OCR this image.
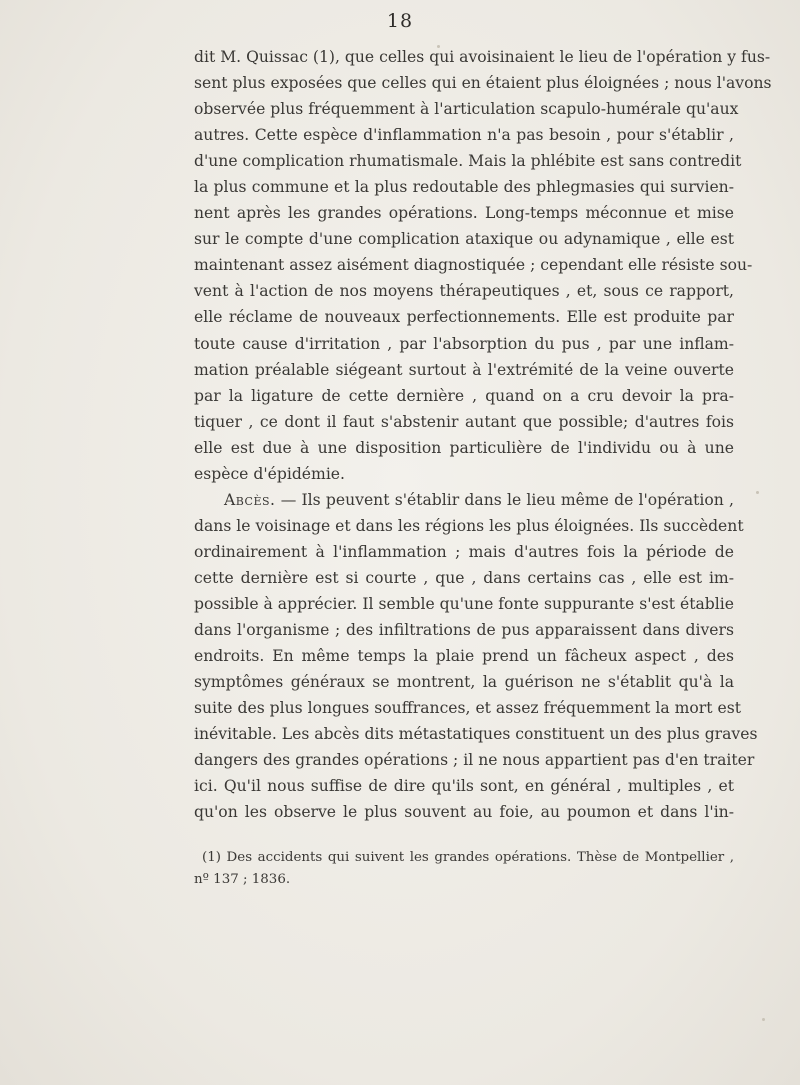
18
dit M. Quissac (1), que celles qui avoisinaient le lieu de l'opération y fus-
sent plus exposées que celles qui en étaient plus éloignées ; nous l'avons
observée plus fréquemment à l'articulation scapulo-humérale qu'aux
autres. Cette espèce d'inflammation n'a pas besoin , pour s'établir ,
d'une complication rhumatismale. Mais la phlébite est sans contredit
la plus commune et la plus redoutable des phlegmasies qui survien-
nent après les grandes opérations. Long-temps méconnue et mise
sur le compte d'une complication ataxique ou adynamique , elle est
maintenant assez aisément diagnostiquée ; cependant elle résiste sou-
vent à l'action de nos moyens thérapeutiques , et, sous ce rapport,
elle réclame de nouveaux perfectionnements. Elle est produite par
toute cause d'irritation , par l'absorption du pus , par une inflam-
mation préalable siégeant surtout à l'extrémité de la veine ouverte
par la ligature de cette dernière , quand on a cru devoir la pra-
tiquer , ce dont il faut s'abstenir autant que possible; d'autres fois
elle est due à une disposition particulière de l'individu ou à une
espèce d'épidémie.
Abcès. — Ils peuvent s'établir dans le lieu même de l'opération ,
dans le voisinage et dans les régions les plus éloignées. Ils succèdent
ordinairement à l'inflammation ; mais d'autres fois la période de
cette dernière est si courte , que , dans certains cas , elle est im-
possible à apprécier. Il semble qu'une fonte suppurante s'est établie
dans l'organisme ; des infiltrations de pus apparaissent dans divers
endroits. En même temps la plaie prend un fâcheux aspect , des
symptômes généraux se montrent, la guérison ne s'établit qu'à la
suite des plus longues souffrances, et assez fréquemment la mort est
inévitable. Les abcès dits métastatiques constituent un des plus graves
dangers des grandes opérations ; il ne nous appartient pas d'en traiter
ici. Qu'il nous suffise de dire qu'ils sont, en général , multiples , et
qu'on les observe le plus souvent au foie, au poumon et dans l'in-
(1) Des accidents qui suivent les grandes opérations. Thèse de Montpellier ,
nº 137 ; 1836.
